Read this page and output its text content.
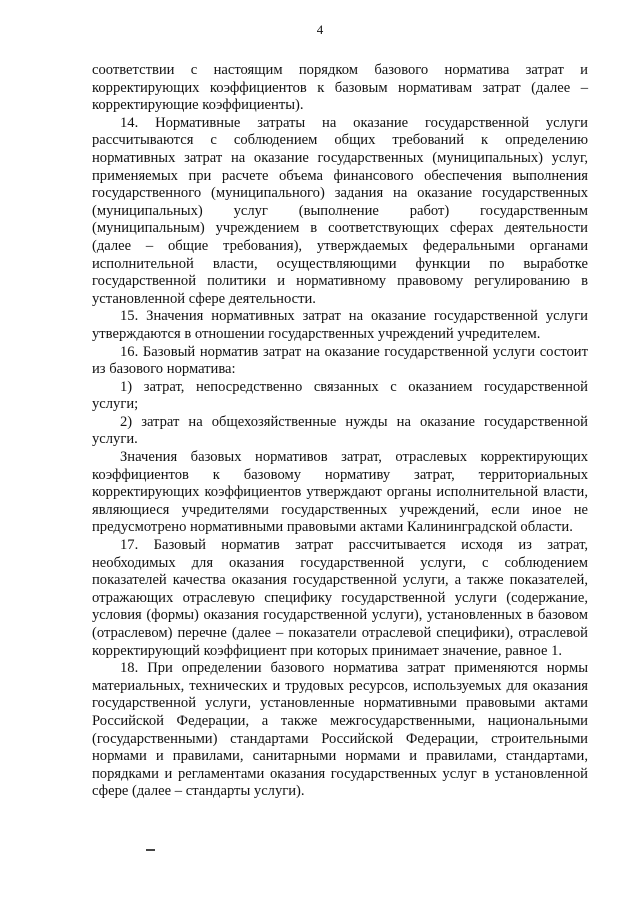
4

соответствии с настоящим порядком базового норматива затрат и корректирующих коэффициентов к базовым нормативам затрат (далее – корректирующие коэффициенты).

14. Нормативные затраты на оказание государственной услуги рассчитываются с соблюдением общих требований к определению нормативных затрат на оказание государственных (муниципальных) услуг, применяемых при расчете объема финансового обеспечения выполнения государственного (муниципального) задания на оказание государственных (муниципальных) услуг (выполнение работ) государственным (муниципальным) учреждением в соответствующих сферах деятельности (далее – общие требования), утверждаемых федеральными органами исполнительной власти, осуществляющими функции по выработке государственной политики и нормативному правовому регулированию в установленной сфере деятельности.

15. Значения нормативных затрат на оказание государственной услуги утверждаются в отношении государственных учреждений учредителем.

16. Базовый норматив затрат на оказание государственной услуги состоит из базового норматива:

1) затрат, непосредственно связанных с оказанием государственной услуги;

2) затрат на общехозяйственные нужды на оказание государственной услуги.

Значения базовых нормативов затрат, отраслевых корректирующих коэффициентов к базовому нормативу затрат, территориальных корректирующих коэффициентов утверждают органы исполнительной власти, являющиеся учредителями государственных учреждений, если иное не предусмотрено нормативными правовыми актами Калининградской области.

17. Базовый норматив затрат рассчитывается исходя из затрат, необходимых для оказания государственной услуги, с соблюдением показателей качества оказания государственной услуги, а также показателей, отражающих отраслевую специфику государственной услуги (содержание, условия (формы) оказания государственной услуги), установленных в базовом (отраслевом) перечне (далее – показатели отраслевой специфики), отраслевой корректирующий коэффициент при которых принимает значение, равное 1.

18. При определении базового норматива затрат применяются нормы материальных, технических и трудовых ресурсов, используемых для оказания государственной услуги, установленные нормативными правовыми актами Российской Федерации, а также межгосударственными, национальными (государственными) стандартами Российской Федерации, строительными нормами и правилами, санитарными нормами и правилами, стандартами, порядками и регламентами оказания государственных услуг в установленной сфере (далее – стандарты услуги).
